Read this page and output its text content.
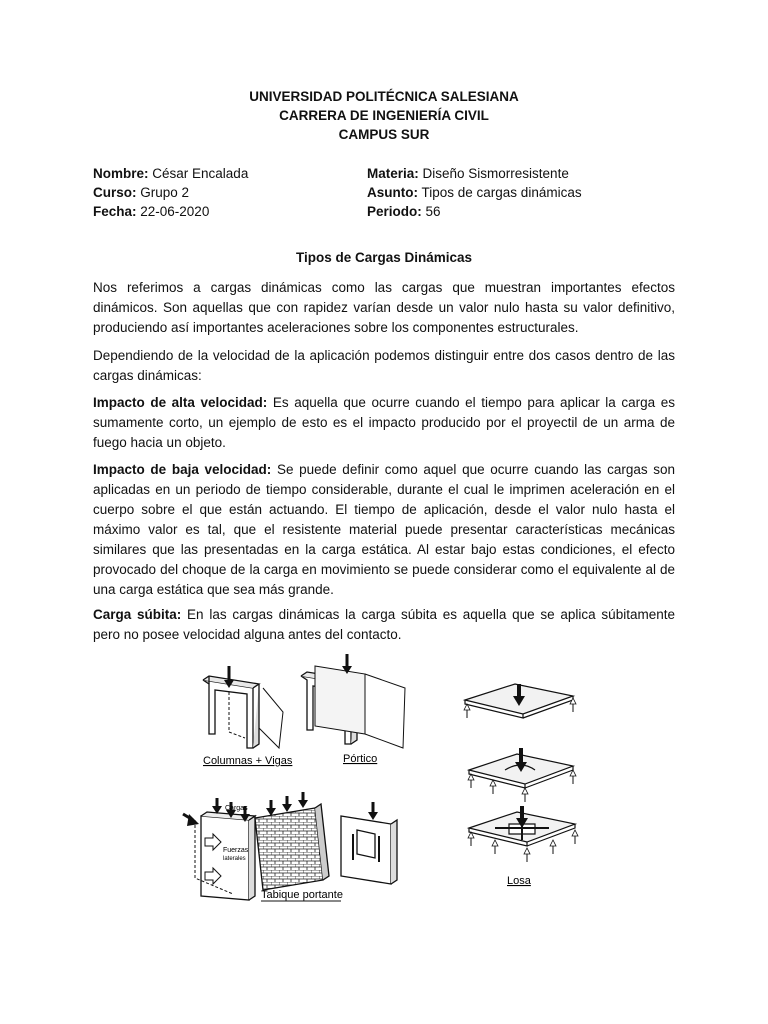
UNIVERSIDAD POLITÉCNICA SALESIANA
CARRERA DE INGENIERÍA CIVIL
CAMPUS SUR
Nombre: César Encalada
Curso: Grupo 2
Fecha: 22-06-2020
Materia: Diseño Sismorresistente
Asunto: Tipos de cargas dinámicas
Periodo: 56
Tipos de Cargas Dinámicas
Nos referimos a cargas dinámicas como las cargas que muestran importantes efectos dinámicos. Son aquellas que con rapidez varían desde un valor nulo hasta su valor definitivo, produciendo así importantes aceleraciones sobre los componentes estructurales.
Dependiendo de la velocidad de la aplicación podemos distinguir entre dos casos dentro de las cargas dinámicas:
Impacto de alta velocidad: Es aquella que ocurre cuando el tiempo para aplicar la carga es sumamente corto, un ejemplo de esto es el impacto producido por el proyectil de un arma de fuego hacia un objeto.
Impacto de baja velocidad: Se puede definir como aquel que ocurre cuando las cargas son aplicadas en un periodo de tiempo considerable, durante el cual le imprimen aceleración en el cuerpo sobre el que están actuando. El tiempo de aplicación, desde el valor nulo hasta el máximo valor es tal, que el resistente material puede presentar características mecánicas similares que las presentadas en la carga estática. Al estar bajo estas condiciones, el efecto provocado del choque de la carga en movimiento se puede considerar como el equivalente al de una carga estática que sea más grande.
Carga súbita: En las cargas dinámicas la carga súbita es aquella que se aplica súbitamente pero no posee velocidad alguna antes del contacto.
Columnas + Vigas	Pórtico
Cargas
Fuerzas
laterales
Tabique portante
Losa
